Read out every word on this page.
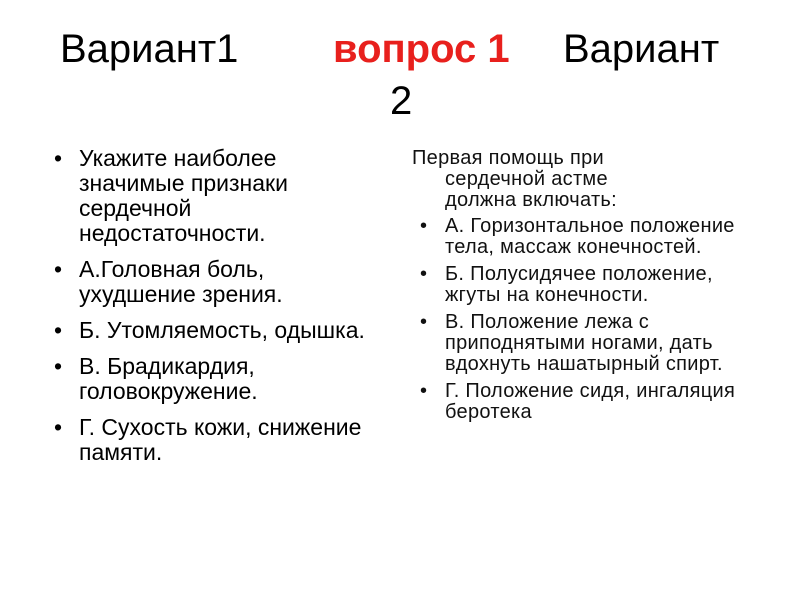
Вариант1 вопрос 1 Вариант
2
• Укажите наиболее значимые признаки сердечной недостаточности.
• А.Головная боль, ухудшение зрения.
• Б. Утомляемость, одышка.
• В. Брадикардия, головокружение.
• Г. Сухость кожи, снижение памяти.

Первая помощь при
сердечной астме
должна включать:

• А. Горизонтальное положение тела, массаж конечностей.
• Б. Полусидячее положение, жгуты на конечности.
• В. Положение лежа с приподнятыми ногами, дать вдохнуть нашатырный спирт.
• Г. Положение сидя, ингаляция беротека
